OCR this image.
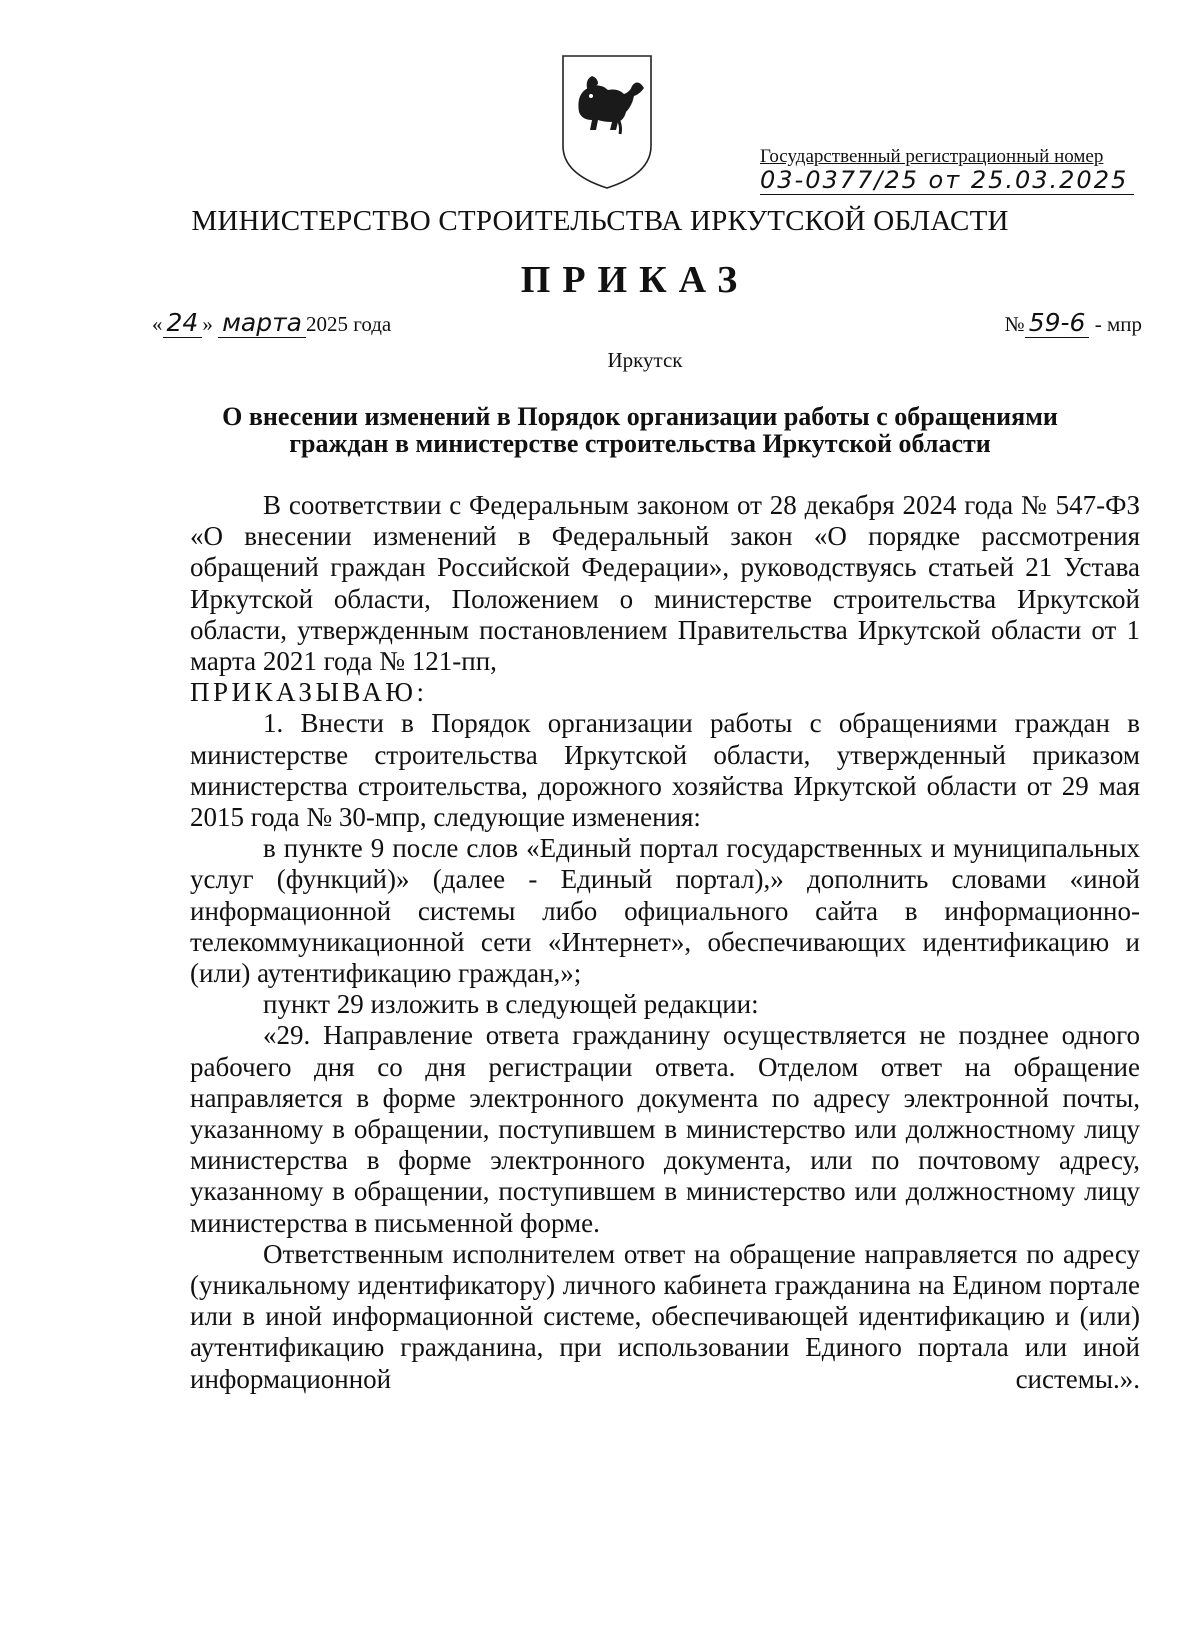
Государственный регистрационный номер
03-0377/25 от 25.03.2025
МИНИСТЕРСТВО СТРОИТЕЛЬСТВА ИРКУТСКОЙ ОБЛАСТИ
ПРИКАЗ
« 24 » марта 2025 года	№ 59-6 - мпр
Иркутск
О внесении изменений в Порядок организации работы с обращениями
граждан в министерстве строительства Иркутской области

В соответствии с Федеральным законом от 28 декабря 2024 года № 547-ФЗ «О внесении изменений в Федеральный закон «О порядке рассмотрения обращений граждан Российской Федерации», руководствуясь статьей 21 Устава Иркутской области, Положением о министерстве строительства Иркутской области, утвержденным постановлением Правительства Иркутской области от 1 марта 2021 года № 121-пп,

ПРИКАЗЫВАЮ:

1. Внести в Порядок организации работы с обращениями граждан в министерстве строительства Иркутской области, утвержденный приказом министерства строительства, дорожного хозяйства Иркутской области от 29 мая 2015 года № 30-мпр, следующие изменения:

в пункте 9 после слов «Единый портал государственных и муниципальных услуг (функций)» (далее - Единый портал),» дополнить словами «иной информационной системы либо официального сайта в информационно-телекоммуникационной сети «Интернет», обеспечивающих идентификацию и (или) аутентификацию граждан,»;

пункт 29 изложить в следующей редакции:

«29. Направление ответа гражданину осуществляется не позднее одного рабочего дня со дня регистрации ответа. Отделом ответ на обращение направляется в форме электронного документа по адресу электронной почты, указанному в обращении, поступившем в министерство или должностному лицу министерства в форме электронного документа, или по почтовому адресу, указанному в обращении, поступившем в министерство или должностному лицу министерства в письменной форме.

Ответственным исполнителем ответ на обращение направляется по адресу (уникальному идентификатору) личного кабинета гражданина на Едином портале или в иной информационной системе, обеспечивающей идентификацию и (или) аутентификацию гражданина, при использовании Единого портала или иной информационной системы.».
